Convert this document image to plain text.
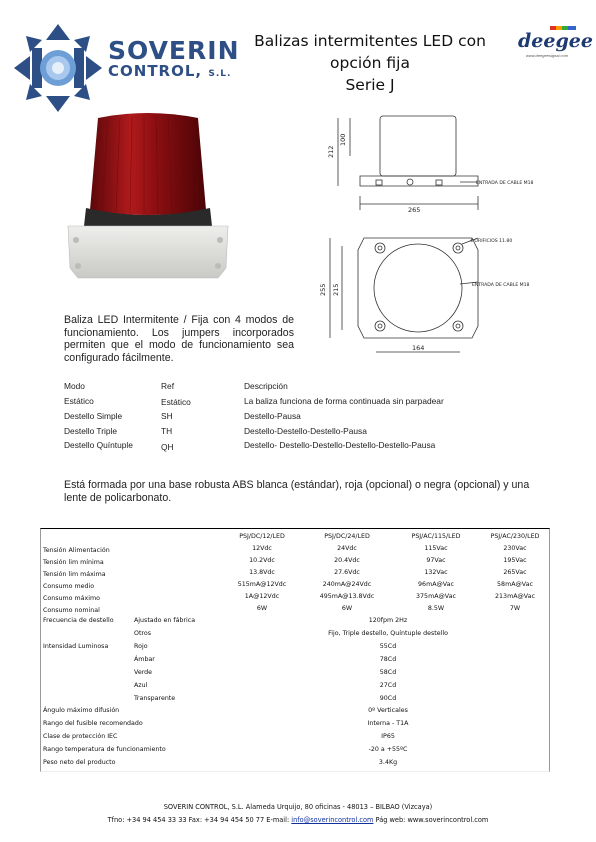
SOVERIN
CONTROL, S.L.
Balizas intermitentes LED con
opción fija
Serie J
deegee
www.deegeesignal.com
212
100
265
ENTRADA DE CABLE M18
4 ORIFICIOS 11.80
ENTRADA DE CABLE M18
255 215
164
Baliza LED Intermitente / Fija con 4 modos de funcionamiento. Los jumpers incorporados permiten que el modo de funcionamiento sea configurado fácilmente.
Modo	Ref	Descripción
Estático	Estático	La baliza funciona de forma continuada sin parpadear
Destello Simple	SH	Destello-Pausa
Destello Triple	TH	Destello-Destello-Destello-Pausa
Destello Quíntuple	QH	Destello- Destello-Destello-Destello-Destello-Pausa
Está formada por una base robusta ABS blanca (estándar), roja (opcional) o negra (opcional) y una lente de policarbonato.
PSJ/DC/12/LED	PSJ/DC/24/LED	PSJ/AC/115/LED	PSJ/AC/230/LED
Tensión Alimentación	12Vdc	24Vdc	115Vac	230Vac
Tensión lim mínima	10.2Vdc	20.4Vdc	97Vac	195Vac
Tensión lim máxima	13.8Vdc	27.6Vdc	132Vac	265Vac
Consumo medio	515mA@12Vdc	240mA@24Vdc	96mA@Vac	58mA@Vac
Consumo máximo	1A@12Vdc	495mA@13.8Vdc	375mA@Vac	213mA@Vac
Consumo nominal	6W	6W	8.5W	7W
Frecuencia de destello	Ajustado en fábrica	120fpm 2Hz
Otros	Fijo, Triple destello, Quíntuple destello
Intensidad Luminosa	Rojo	55Cd
Ámbar	78Cd
Verde	58Cd
Azul	27Cd
Transparente	90Cd
Ángulo máximo difusión	0º Verticales
Rango del fusible recomendado	Interna - T1A
Clase de protección IEC	IP65
Rango temperatura de funcionamiento	-20 a +55ºC
Peso neto del producto	3.4Kg
SOVERIN CONTROL, S.L. Alameda Urquijo, 80 oficinas - 48013 – BILBAO (Vizcaya)
Tfno: +34 94 454 33 33 Fax: +34 94 454 50 77 E-mail: info@soverincontrol.com Pág web: www.soverincontrol.com
